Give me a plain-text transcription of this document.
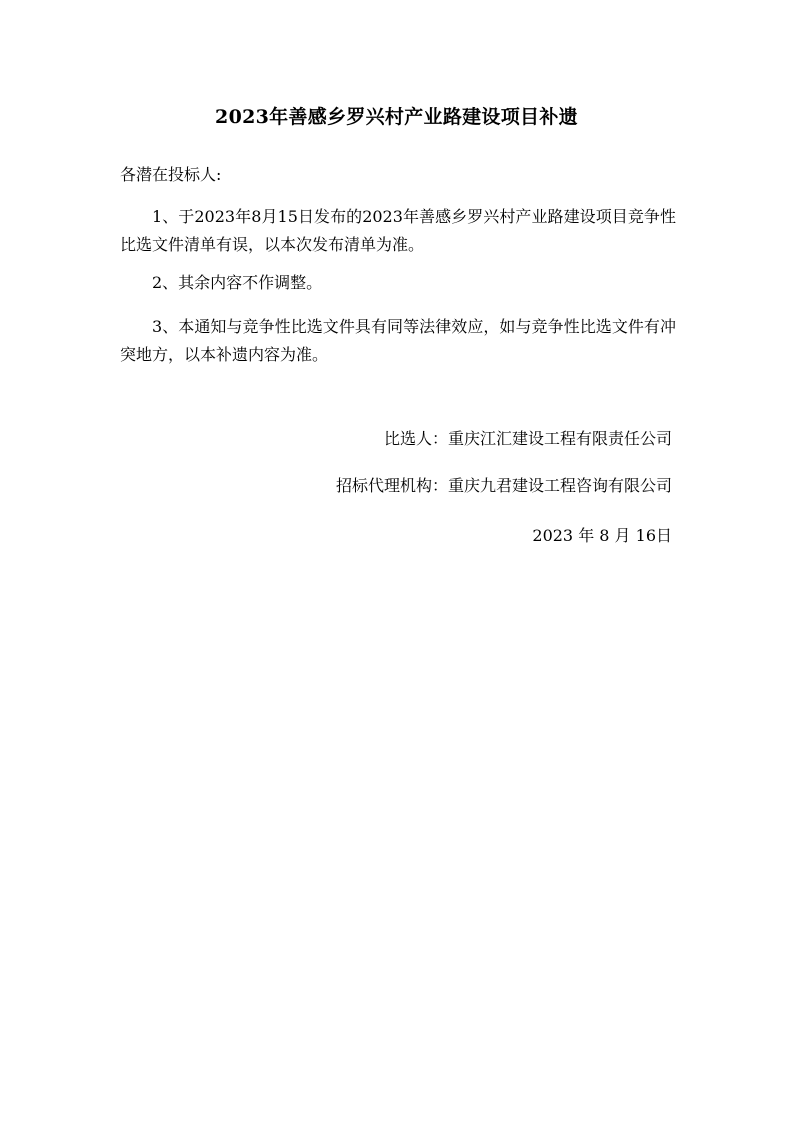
2023年善感乡罗兴村产业路建设项目补遗
各潜在投标人:
1、于2023年8月15日发布的2023年善感乡罗兴村产业路建设项目竞争性比选文件清单有误，以本次发布清单为准。
2、其余内容不作调整。
3、本通知与竞争性比选文件具有同等法律效应，如与竞争性比选文件有冲突地方，以本补遗内容为准。
比选人：重庆江汇建设工程有限责任公司
招标代理机构：重庆九君建设工程咨询有限公司
2023 年 8 月 16日
